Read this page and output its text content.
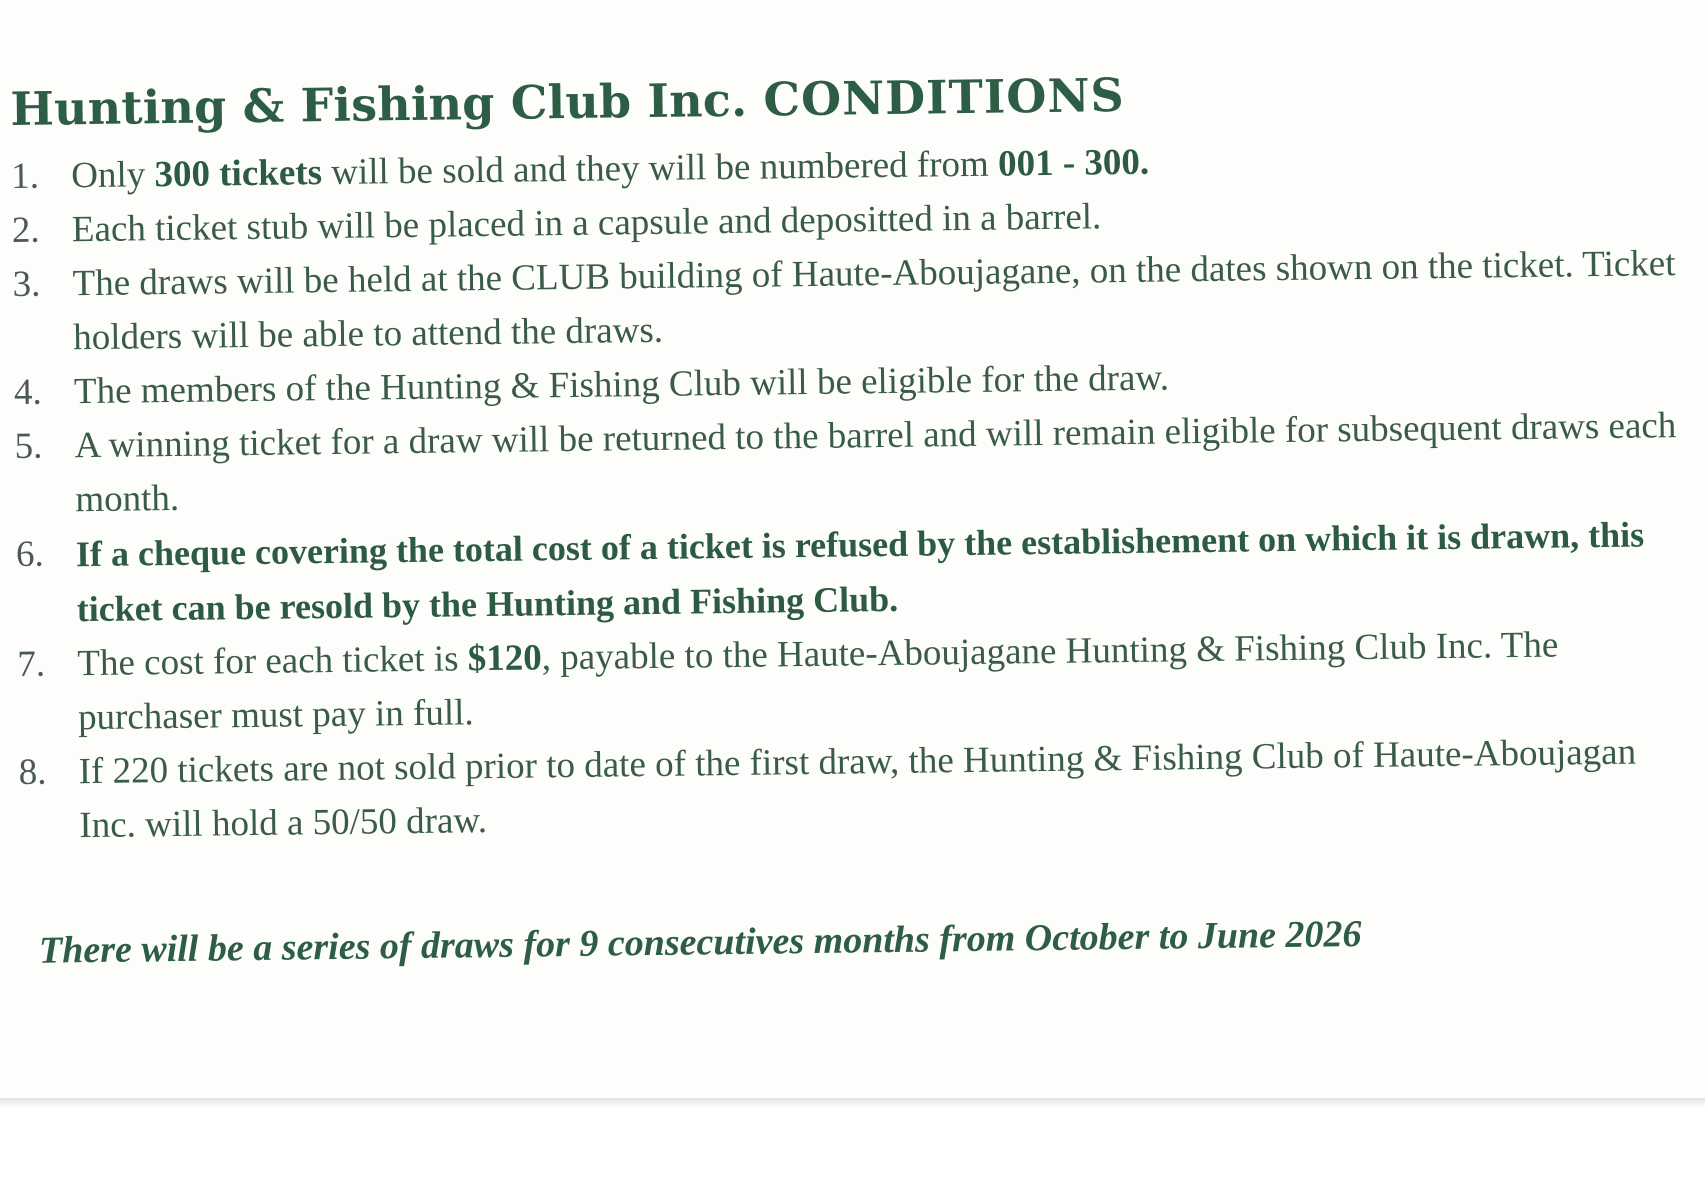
Hunting & Fishing Club Inc. CONDITIONS
1. Only 300 tickets will be sold and they will be numbered from 001 - 300.
2. Each ticket stub will be placed in a capsule and depositted in a barrel.
3. The draws will be held at the CLUB building of Haute-Aboujagane, on the dates shown on the ticket. Ticket holders will be able to attend the draws.
4. The members of the Hunting & Fishing Club will be eligible for the draw.
5. A winning ticket for a draw will be returned to the barrel and will remain eligible for subsequent draws each month.
6. If a cheque covering the total cost of a ticket is refused by the establishement on which it is drawn, this ticket can be resold by the Hunting and Fishing Club.
7. The cost for each ticket is $120, payable to the Haute-Aboujagane Hunting & Fishing Club Inc. The purchaser must pay in full.
8. If 220 tickets are not sold prior to date of the first draw, the Hunting & Fishing Club of Haute-Aboujagan Inc. will hold a 50/50 draw.

There will be a series of draws for 9 consecutives months from October to June 2026
